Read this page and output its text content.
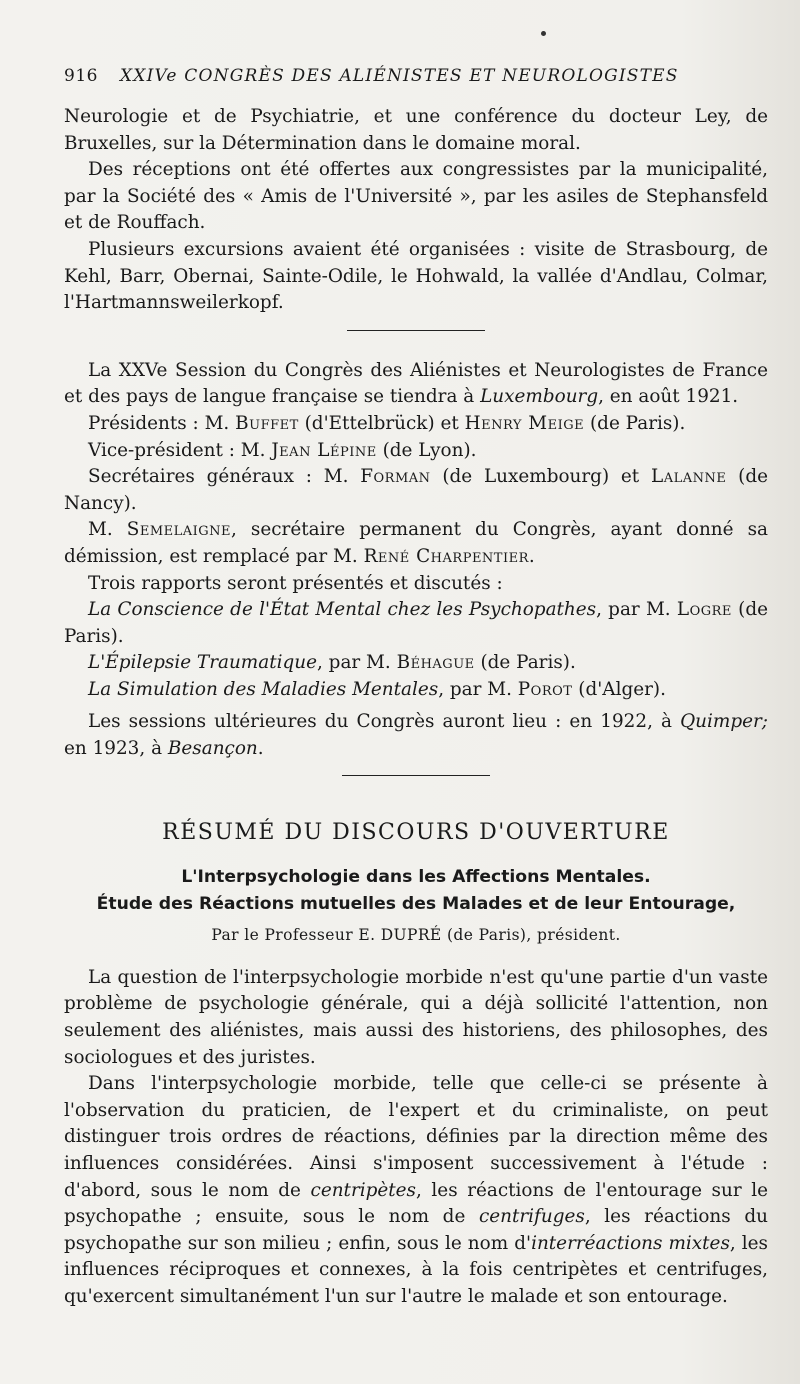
916 XXIVe CONGRÈS DES ALIÉNISTES ET NEUROLOGISTES

Neurologie et de Psychiatrie, et une conférence du docteur Ley, de Bruxelles, sur la Détermination dans le domaine moral.

Des réceptions ont été offertes aux congressistes par la municipalité, par la Société des « Amis de l'Université », par les asiles de Stephansfeld et de Rouffach.

Plusieurs excursions avaient été organisées : visite de Strasbourg, de Kehl, Barr, Obernai, Sainte-Odile, le Hohwald, la vallée d'Andlau, Colmar, l'Hartmannsweilerkopf.

La XXVe Session du Congrès des Aliénistes et Neurologistes de France et des pays de langue française se tiendra à Luxembourg, en août 1921.

Présidents : M. Buffet (d'Ettelbrück) et Henry Meige (de Paris).

Vice-président : M. Jean Lépine (de Lyon).

Secrétaires généraux : M. Forman (de Luxembourg) et Lalanne (de Nancy).

M. Semelaigne, secrétaire permanent du Congrès, ayant donné sa démission, est remplacé par M. René Charpentier.

Trois rapports seront présentés et discutés :

La Conscience de l'État Mental chez les Psychopathes, par M. Logre (de Paris).

L'Épilepsie Traumatique, par M. Béhague (de Paris).

La Simulation des Maladies Mentales, par M. Porot (d'Alger).

Les sessions ultérieures du Congrès auront lieu : en 1922, à Quimper; en 1923, à Besançon.

RÉSUMÉ DU DISCOURS D'OUVERTURE
L'Interpsychologie dans les Affections Mentales.
Étude des Réactions mutuelles des Malades et de leur Entourage,
Par le Professeur E. DUPRÉ (de Paris), président.

La question de l'interpsychologie morbide n'est qu'une partie d'un vaste problème de psychologie générale, qui a déjà sollicité l'attention, non seulement des aliénistes, mais aussi des historiens, des philosophes, des sociologues et des juristes.

Dans l'interpsychologie morbide, telle que celle-ci se présente à l'observation du praticien, de l'expert et du criminaliste, on peut distinguer trois ordres de réactions, définies par la direction même des influences considérées. Ainsi s'imposent successivement à l'étude : d'abord, sous le nom de centripètes, les réactions de l'entourage sur le psychopathe ; ensuite, sous le nom de centrifuges, les réactions du psychopathe sur son milieu ; enfin, sous le nom d'interréactions mixtes, les influences réciproques et connexes, à la fois centripètes et centrifuges, qu'exercent simultanément l'un sur l'autre le malade et son entourage.
